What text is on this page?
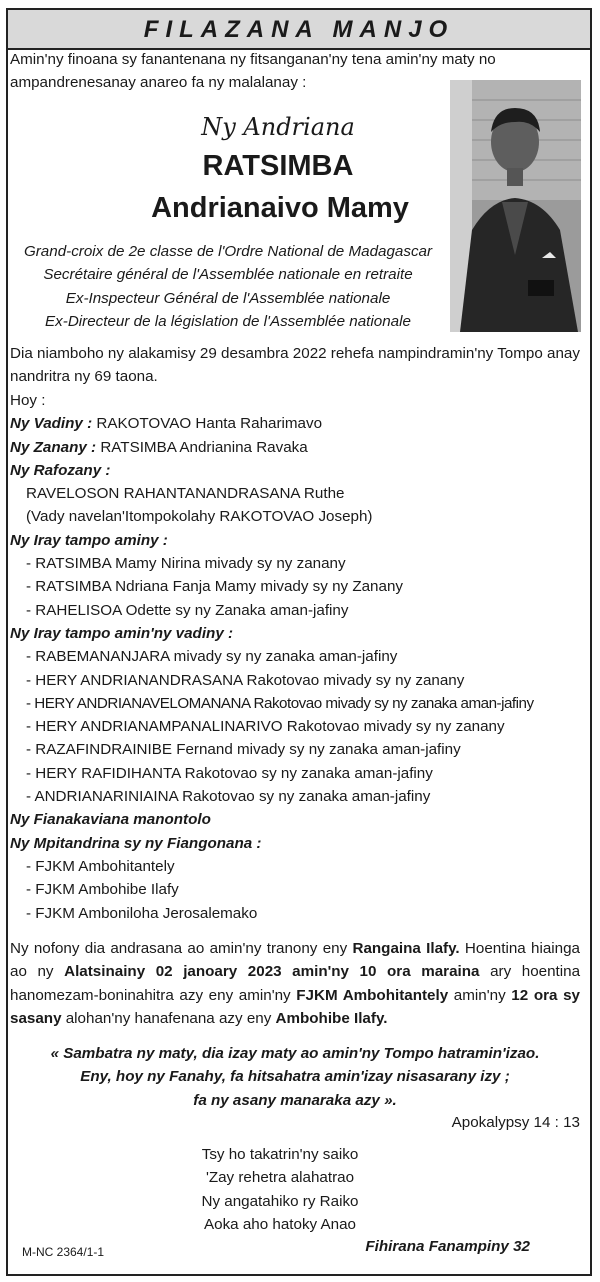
FILAZANA MANJO
Amin'ny finoana sy fanantenana ny fitsanganan'ny tena amin'ny maty no ampandrenesanay anareo fa ny malalanay :
Ny Andriana
RATSIMBA
Andrianaivo Mamy
Grand-croix de 2e classe de l'Ordre National de Madagascar
Secrétaire général de l'Assemblée nationale en retraite
Ex-Inspecteur Général de l'Assemblée nationale
Ex-Directeur de la législation de l'Assemblée nationale
Dia niamboho ny alakamisy 29 desambra 2022 rehefa nampindramin'ny Tompo anay nandritra ny 69 taona.
Hoy :
Ny Vadiny : RAKOTOVAO Hanta Raharimavo
Ny Zanany : RATSIMBA Andrianina Ravaka
Ny Rafozany :
RAVELOSON RAHANTANANDRASANA Ruthe
(Vady navelan'Itompokolahy RAKOTOVAO Joseph)
Ny Iray tampo aminy :
- RATSIMBA Mamy Nirina mivady sy ny zanany
- RATSIMBA Ndriana Fanja Mamy mivady sy ny Zanany
- RAHELISOA Odette sy ny Zanaka aman-jafiny
Ny Iray tampo amin'ny vadiny :
- RABEMANANJARA mivady sy ny zanaka aman-jafiny
- HERY ANDRIANANDRASANA Rakotovao mivady sy ny zanany
- HERY ANDRIANAVELOMANANA Rakotovao mivady sy ny zanaka aman-jafiny
- HERY ANDRIANAMPANALINARIVO Rakotovao mivady sy ny zanany
- RAZAFINDRAINIBE Fernand mivady sy ny zanaka aman-jafiny
- HERY RAFIDIHANTA Rakotovao sy ny zanaka aman-jafiny
- ANDRIANARINIAINA Rakotovao sy ny zanaka aman-jafiny
Ny Fianakaviana manontolo
Ny Mpitandrina sy ny Fiangonana :
- FJKM Ambohitantely
- FJKM Ambohibe Ilafy
- FJKM Amboniloha Jerosalemako
Ny nofony dia andrasana ao amin'ny tranony eny Rangaina Ilafy. Hoentina hiainga ao ny Alatsinainy 02 janoary 2023 amin'ny 10 ora maraina ary hoentina hanomezam-boninahitra azy eny amin'ny FJKM Ambohitantely amin'ny 12 ora sy sasany alohan'ny hanafenana azy eny Ambohibe Ilafy.
« Sambatra ny maty, dia izay maty ao amin'ny Tompo hatramin'izao.
Eny, hoy ny Fanahy, fa hitsahatra amin'izay nisasarany izy ;
fa ny asany manaraka azy ».
Apokalypsy 14 : 13
Tsy ho takatrin'ny saiko
'Zay rehetra alahatrao
Ny angatahiko ry Raiko
Aoka aho hatoky Anao
M-NC 2364/1-1	Fihirana Fanampiny 32
